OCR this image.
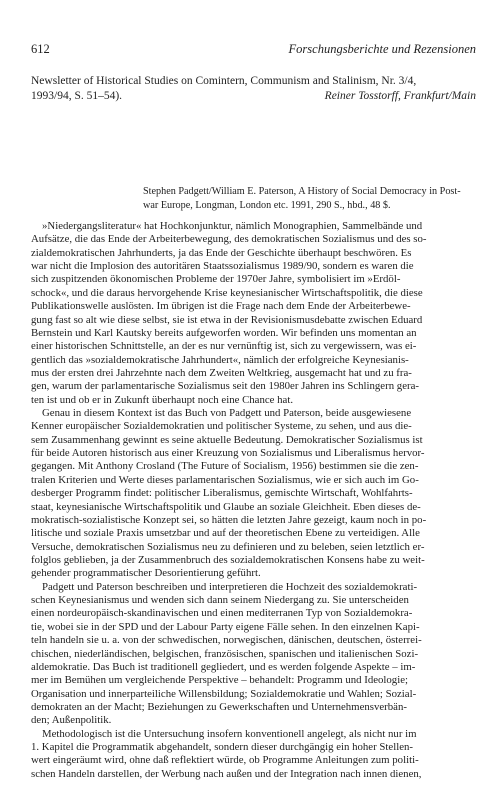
612	Forschungsberichte und Rezensionen
Newsletter of Historical Studies on Comintern, Communism and Stalinism, Nr. 3/4,
1993/94, S. 51–54).	Reiner Tosstorff, Frankfurt/Main
Stephen Padgett/William E. Paterson, A History of Social Democracy in Post-
war Europe, Longman, London etc. 1991, 290 S., hbd., 48 $.
»Niedergangsliteratur« hat Hochkonjunktur, nämlich Monographien, Sammelbände und
Aufsätze, die das Ende der Arbeiterbewegung, des demokratischen Sozialismus und des so-
zialdemokratischen Jahrhunderts, ja das Ende der Geschichte überhaupt beschwören. Es
war nicht die Implosion des autoritären Staatssozialismus 1989/90, sondern es waren die
sich zuspitzenden ökonomischen Probleme der 1970er Jahre, symbolisiert im »Erdöl-
schock«, und die daraus hervorgehende Krise keynesianischer Wirtschaftspolitik, die diese
Publikationswelle auslösten. Im übrigen ist die Frage nach dem Ende der Arbeiterbewe-
gung fast so alt wie diese selbst, sie ist etwa in der Revisionismusdebatte zwischen Eduard
Bernstein und Karl Kautsky bereits aufgeworfen worden. Wir befinden uns momentan an
einer historischen Schnittstelle, an der es nur vernünftig ist, sich zu vergewissern, was ei-
gentlich das »sozialdemokratische Jahrhundert«, nämlich der erfolgreiche Keynesianis-
mus der ersten drei Jahrzehnte nach dem Zweiten Weltkrieg, ausgemacht hat und zu fra-
gen, warum der parlamentarische Sozialismus seit den 1980er Jahren ins Schlingern gera-
ten ist und ob er in Zukunft überhaupt noch eine Chance hat.
Genau in diesem Kontext ist das Buch von Padgett und Paterson, beide ausgewiesene
Kenner europäischer Sozialdemokratien und politischer Systeme, zu sehen, und aus die-
sem Zusammenhang gewinnt es seine aktuelle Bedeutung. Demokratischer Sozialismus ist
für beide Autoren historisch aus einer Kreuzung von Sozialismus und Liberalismus hervor-
gegangen. Mit Anthony Crosland (The Future of Socialism, 1956) bestimmen sie die zen-
tralen Kriterien und Werte dieses parlamentarischen Sozialismus, wie er sich auch im Go-
desberger Programm findet: politischer Liberalismus, gemischte Wirtschaft, Wohlfahrts-
staat, keynesianische Wirtschaftspolitik und Glaube an soziale Gleichheit. Eben dieses de-
mokratisch-sozialistische Konzept sei, so hätten die letzten Jahre gezeigt, kaum noch in po-
litische und soziale Praxis umsetzbar und auf der theoretischen Ebene zu verteidigen. Alle
Versuche, demokratischen Sozialismus neu zu definieren und zu beleben, seien letztlich er-
folglos geblieben, ja der Zusammenbruch des sozialdemokratischen Konsens habe zu weit-
gehender programmatischer Desorientierung geführt.
Padgett und Paterson beschreiben und interpretieren die Hochzeit des sozialdemokrati-
schen Keynesianismus und wenden sich dann seinem Niedergang zu. Sie unterscheiden
einen nordeuropäisch-skandinavischen und einen mediterranen Typ von Sozialdemokra-
tie, wobei sie in der SPD und der Labour Party eigene Fälle sehen. In den einzelnen Kapi-
teln handeln sie u. a. von der schwedischen, norwegischen, dänischen, deutschen, österrei-
chischen, niederländischen, belgischen, französischen, spanischen und italienischen Sozi-
aldemokratie. Das Buch ist traditionell gegliedert, und es werden folgende Aspekte – im-
mer im Bemühen um vergleichende Perspektive – behandelt: Programm und Ideologie;
Organisation und innerparteiliche Willensbildung; Sozialdemokratie und Wahlen; Sozial-
demokraten an der Macht; Beziehungen zu Gewerkschaften und Unternehmensverbän-
den; Außenpolitik.
Methodologisch ist die Untersuchung insofern konventionell angelegt, als nicht nur im
1. Kapitel die Programmatik abgehandelt, sondern dieser durchgängig ein hoher Stellen-
wert eingeräumt wird, ohne daß reflektiert würde, ob Programme Anleitungen zum politi-
schen Handeln darstellen, der Werbung nach außen und der Integration nach innen dienen,
